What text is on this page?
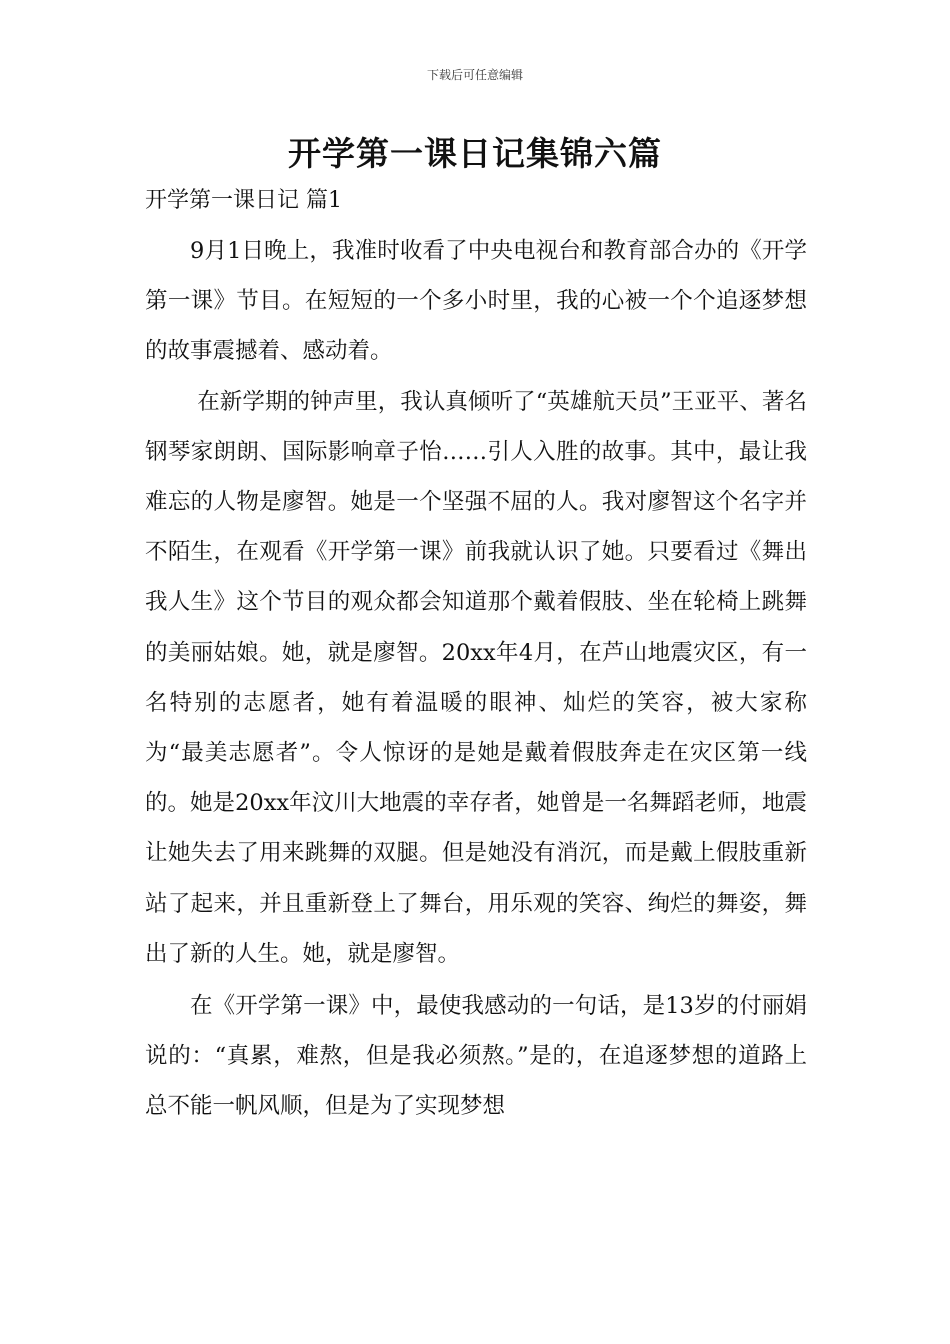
下载后可任意编辑
开学第一课日记集锦六篇
开学第一课日记 篇1

9月1日晚上，我准时收看了中央电视台和教育部合办的《开学第一课》节目。在短短的一个多小时里，我的心被一个个追逐梦想的故事震撼着、感动着。

在新学期的钟声里，我认真倾听了“英雄航天员”王亚平、著名钢琴家朗朗、国际影响章子怡……引人入胜的故事。其中，最让我难忘的人物是廖智。她是一个坚强不屈的人。我对廖智这个名字并不陌生，在观看《开学第一课》前我就认识了她。只要看过《舞出我人生》这个节目的观众都会知道那个戴着假肢、坐在轮椅上跳舞的美丽姑娘。她，就是廖智。20xx年4月，在芦山地震灾区，有一名特别的志愿者，她有着温暖的眼神、灿烂的笑容，被大家称为“最美志愿者”。令人惊讶的是她是戴着假肢奔走在灾区第一线的。她是20xx年汶川大地震的幸存者，她曾是一名舞蹈老师，地震让她失去了用来跳舞的双腿。但是她没有消沉，而是戴上假肢重新站了起来，并且重新登上了舞台，用乐观的笑容、绚烂的舞姿，舞出了新的人生。她，就是廖智。

在《开学第一课》中，最使我感动的一句话，是13岁的付丽娟说的：“真累，难熬，但是我必须熬。”是的，在追逐梦想的道路上总不能一帆风顺，但是为了实现梦想
